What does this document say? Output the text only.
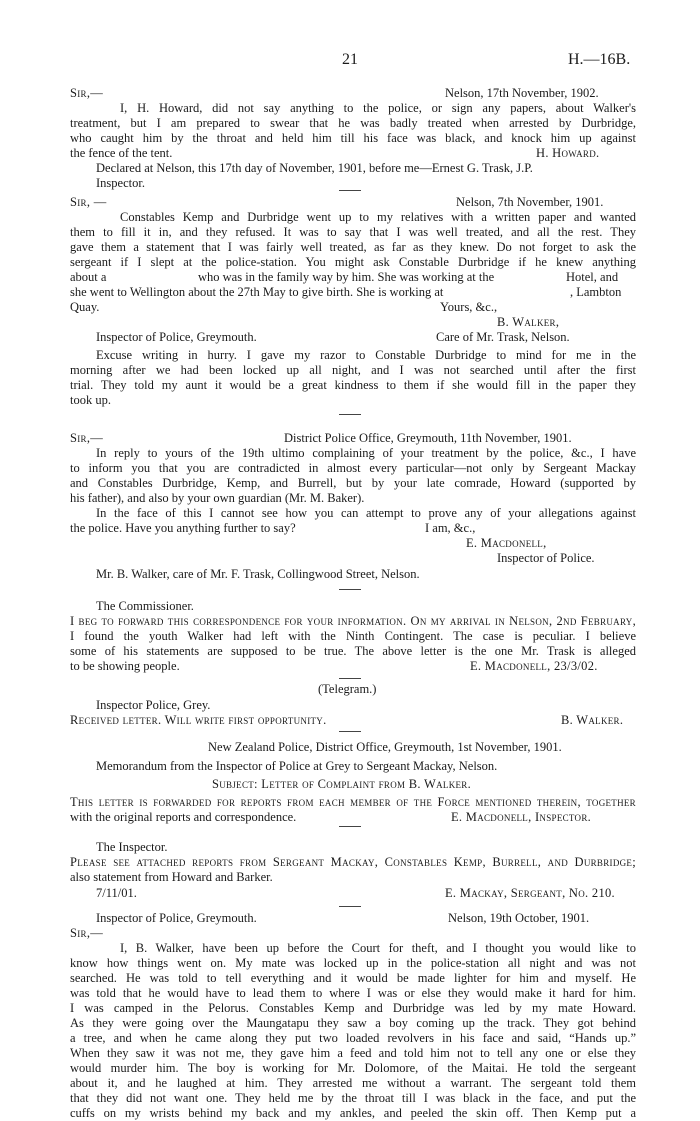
21	H.—16B.
Sir,—	Nelson, 17th November, 1902.
I, H. Howard, did not say anything to the police, or sign any papers, about Walker's
treatment, but I am prepared to swear that he was badly treated when arrested by Durbridge,
who caught him by the throat and held him till his face was black, and knock him up against
the fence of the tent.	H. Howard.
Declared at Nelson, this 17th day of November, 1901, before me—Ernest G. Trask, J.P.
Inspector.
Sir, —	Nelson, 7th November, 1901.
Constables Kemp and Durbridge went up to my relatives with a written paper and wanted
them to fill it in, and they refused. It was to say that I was well treated, and all the rest. They
gave them a statement that I was fairly well treated, as far as they knew. Do not forget to ask the
sergeant if I slept at the police-station. You might ask Constable Durbridge if he knew anything
about a	who was in the family way by him. She was working at the	Hotel, and
she went to Wellington about the 27th May to give birth. She is working at	, Lambton
Quay.	Yours, &c.,
B. Walker,
Inspector of Police, Greymouth.	Care of Mr. Trask, Nelson.
Excuse writing in hurry. I gave my razor to Constable Durbridge to mind for me in the
morning after we had been locked up all night, and I was not searched until after the first
trial. They told my aunt it would be a great kindness to them if she would fill in the paper they
took up.
Sir,—	District Police Office, Greymouth, 11th November, 1901.
In reply to yours of the 19th ultimo complaining of your treatment by the police, &c., I have
to inform you that you are contradicted in almost every particular—not only by Sergeant Mackay
and Constables Durbridge, Kemp, and Burrell, but by your late comrade, Howard (supported by
his father), and also by your own guardian (Mr. M. Baker).
In the face of this I cannot see how you can attempt to prove any of your allegations against
the police. Have you anything further to say?	I am, &c.,
E. Macdonell,
Inspector of Police.
Mr. B. Walker, care of Mr. F. Trask, Collingwood Street, Nelson.
The Commissioner.
I beg to forward this correspondence for your information. On my arrival in Nelson, 2nd February,
I found the youth Walker had left with the Ninth Contingent. The case is peculiar. I believe
some of his statements are supposed to be true. The above letter is the one Mr. Trask is alleged
to be showing people.	E. Macdonell, 23/3/02.
(Telegram.)
Inspector Police, Grey.
Received letter. Will write first opportunity.	B. Walker.
New Zealand Police, District Office, Greymouth, 1st November, 1901.
Memorandum from the Inspector of Police at Grey to Sergeant Mackay, Nelson.
Subject: Letter of Complaint from B. Walker.
This letter is forwarded for reports from each member of the Force mentioned therein, together
with the original reports and correspondence.	E. Macdonell, Inspector.
The Inspector.
Please see attached reports from Sergeant Mackay, Constables Kemp, Burrell, and Durbridge;
also statement from Howard and Barker.
7/11/01.	E. Mackay, Sergeant, No. 210.
Inspector of Police, Greymouth.	Nelson, 19th October, 1901.
Sir,—
I, B. Walker, have been up before the Court for theft, and I thought you would like to
know how things went on. My mate was locked up in the police-station all night and was not
searched. He was told to tell everything and it would be made lighter for him and myself. He
was told that he would have to lead them to where I was or else they would make it hard for him.
I was camped in the Pelorus. Constables Kemp and Durbridge was led by my mate Howard.
As they were going over the Maungatapu they saw a boy coming up the track. They got behind
a tree, and when he came along they put two loaded revolvers in his face and said, “Hands up.”
When they saw it was not me, they gave him a feed and told him not to tell any one or else they
would murder him. The boy is working for Mr. Dolomore, of the Maitai. He told the sergeant
about it, and he laughed at him. They arrested me without a warrant. The sergeant told them
that they did not want one. They held me by the throat till I was black in the face, and put the
cuffs on my wrists behind my back and my ankles, and peeled the skin off. Then Kemp put a
